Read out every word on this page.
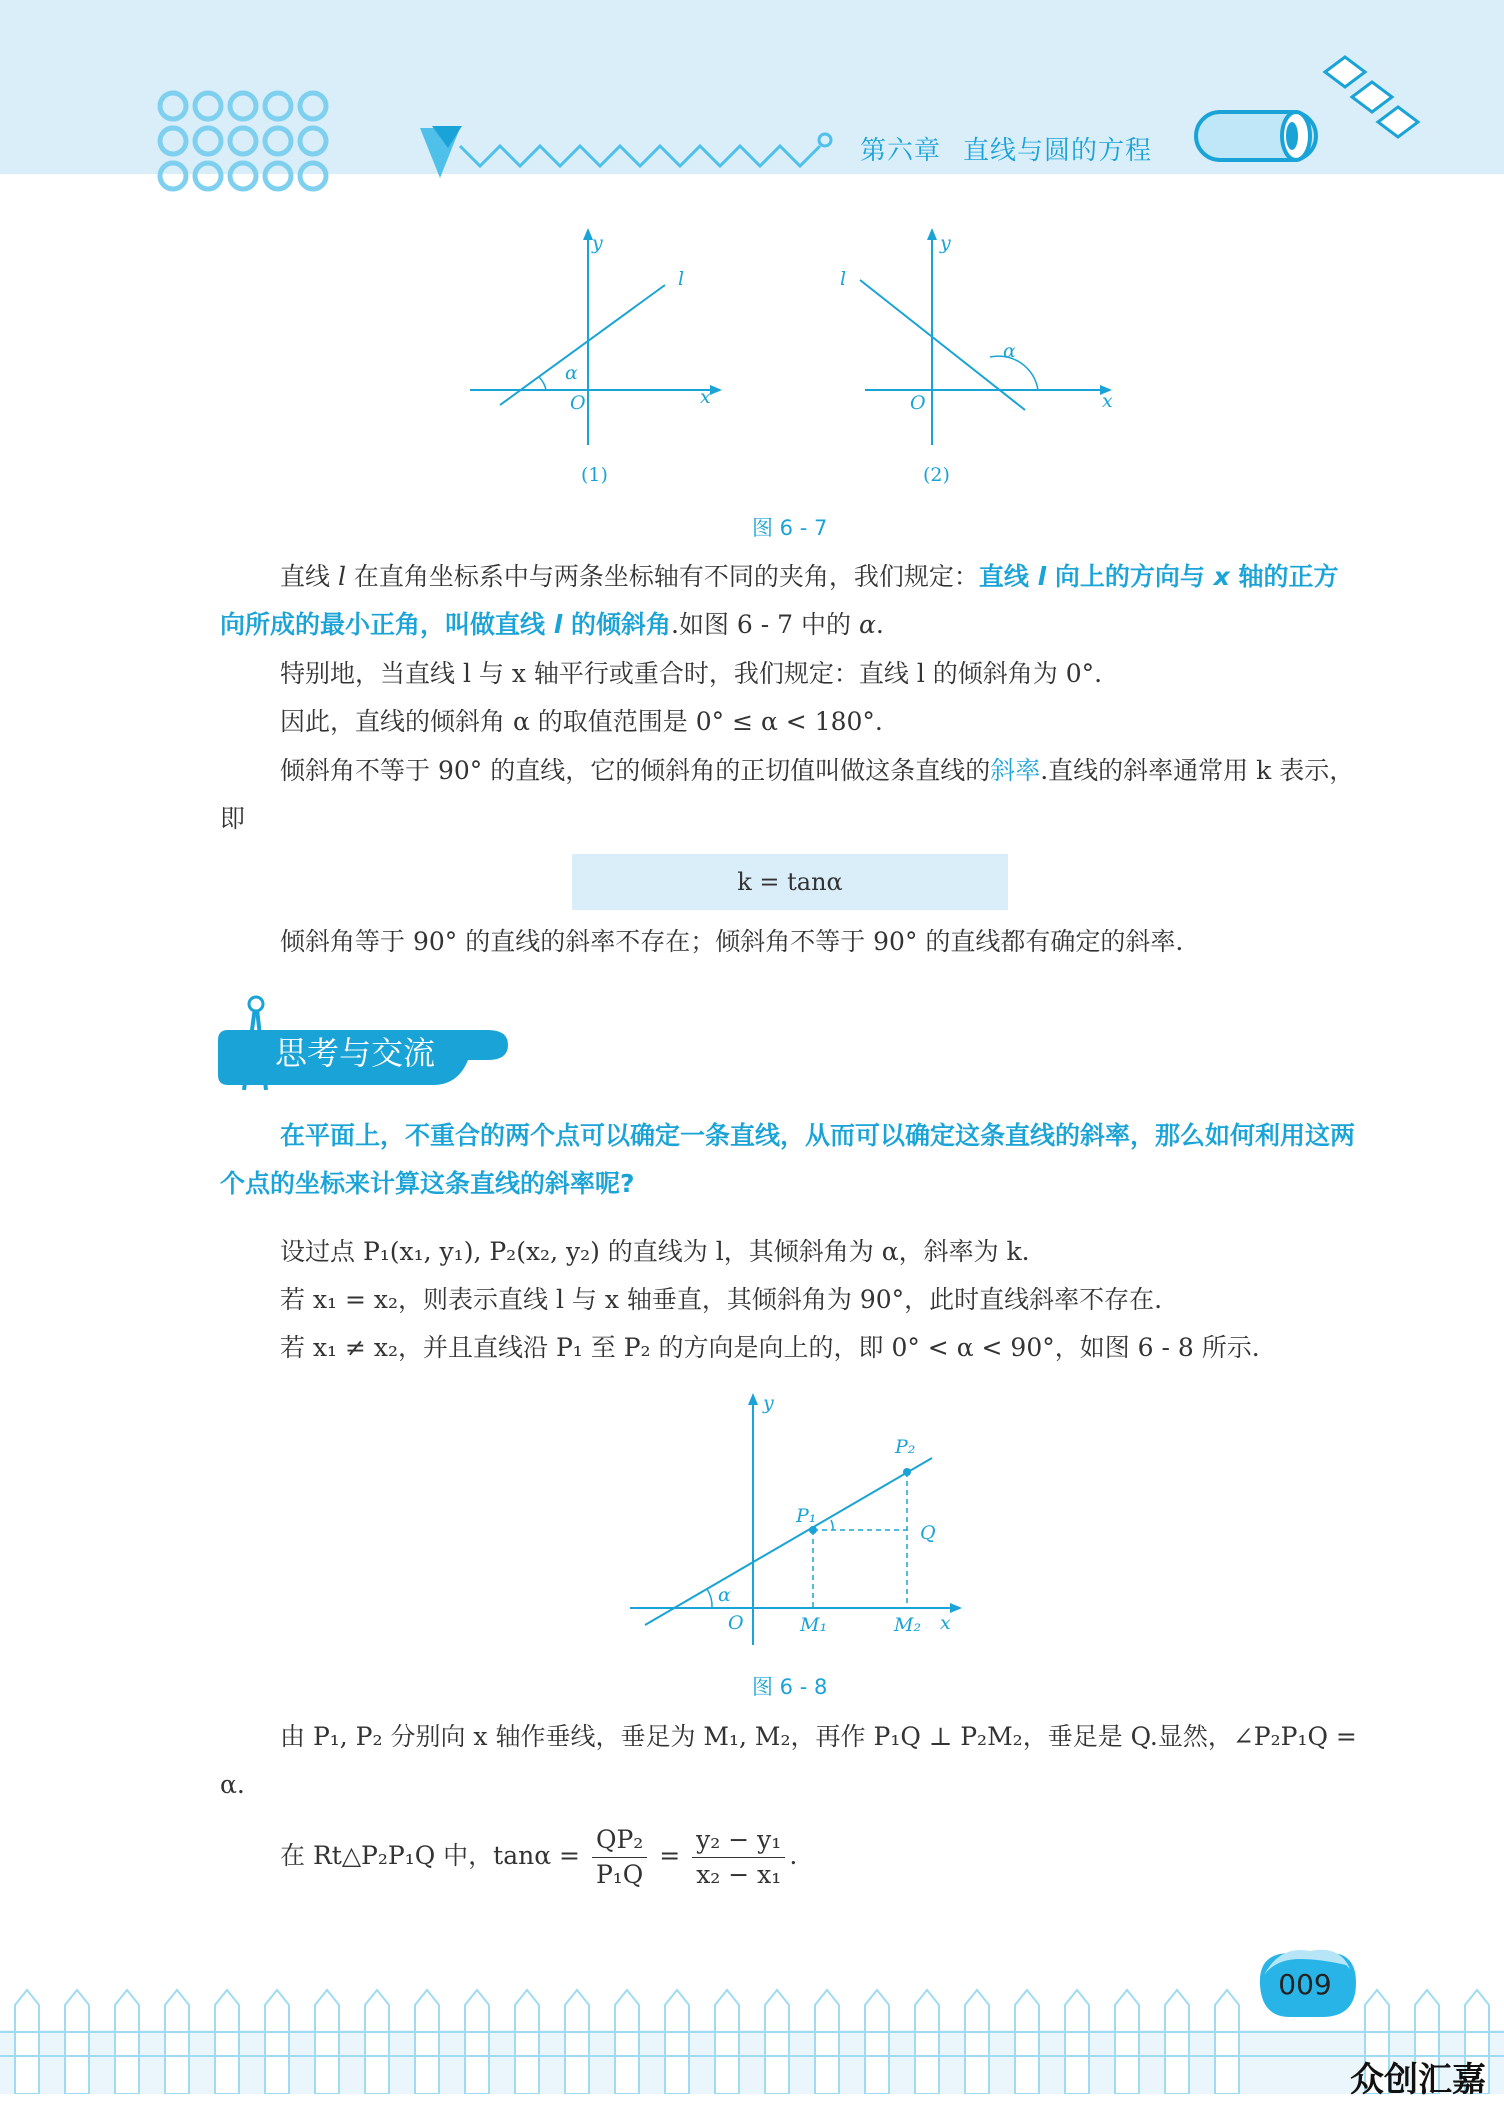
第六章 直线与圆的方程
y
x
O
l
α
(1)
y
x
O
l
α
(2)
图 6 - 7
直线 l 在直角坐标系中与两条坐标轴有不同的夹角，我们规定：直线 l 向上的方向与 x 轴的正方向所成的最小正角，叫做直线 l 的倾斜角.如图 6 - 7 中的 α.
特别地，当直线 l 与 x 轴平行或重合时，我们规定：直线 l 的倾斜角为 0°.
因此，直线的倾斜角 α 的取值范围是 0° ≤ α < 180°.
倾斜角不等于 90° 的直线，它的倾斜角的正切值叫做这条直线的斜率.直线的斜率通常用 k 表示，即
k = tanα
倾斜角等于 90° 的直线的斜率不存在；倾斜角不等于 90° 的直线都有确定的斜率.
思考与交流
在平面上，不重合的两个点可以确定一条直线，从而可以确定这条直线的斜率，那么如何利用这两个点的坐标来计算这条直线的斜率呢?
设过点 P₁(x₁, y₁), P₂(x₂, y₂) 的直线为 l，其倾斜角为 α，斜率为 k.
若 x₁ = x₂，则表示直线 l 与 x 轴垂直，其倾斜角为 90°，此时直线斜率不存在.
若 x₁ ≠ x₂，并且直线沿 P₁ 至 P₂ 的方向是向上的，即 0° < α < 90°，如图 6 - 8 所示.
y
x
O
P₁
P₂
Q
M₁	M₂
α
图 6 - 8
由 P₁, P₂ 分别向 x 轴作垂线，垂足为 M₁, M₂，再作 P₁Q ⊥ P₂M₂，垂足是 Q.显然，∠P₂P₁Q = α.
在 Rt△P₂P₁Q 中，$\tan\alpha = \frac{\text{QP₂}}{\text{P₁Q}} = \frac{\text{y₂ − y₁}}{\text{x₂ − x₁}}$ .
009
众创汇嘉
